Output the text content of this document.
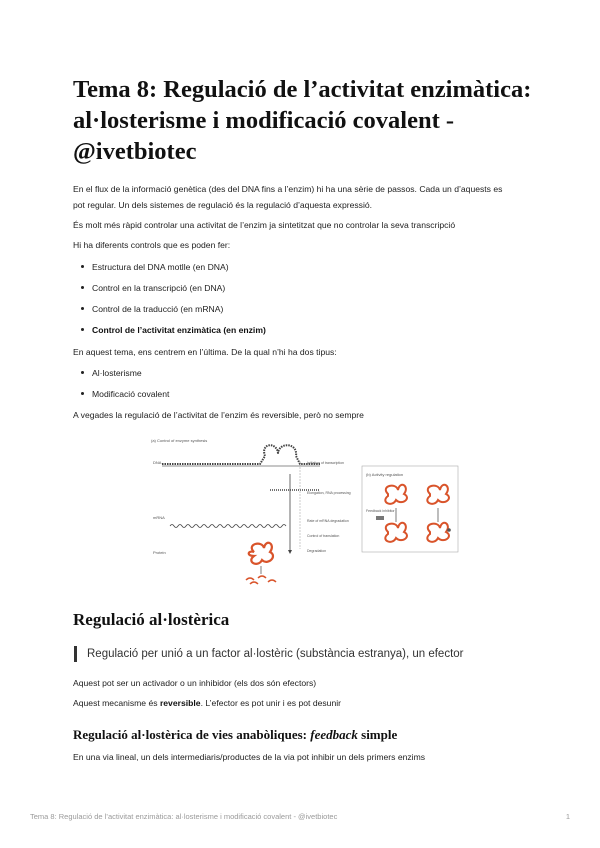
Tema 8: Regulació de l’activitat enzimàtica: al·losterisme i modificació covalent - @ivetbiotec
En el flux de la informació genètica (des del DNA fins a l’enzim) hi ha una sèrie de passos. Cada un d’aquests es
pot regular. Un dels sistemes de regulació és la regulació d’aquesta expressió.
És molt més ràpid controlar una activitat de l’enzim ja sintetitzat que no controlar la seva transcripció
Hi ha diferents controls que es poden fer:
Estructura del DNA motlle (en DNA)
Control en la transcripció (en DNA)
Control de la traducció (en mRNA)
Control de l’activitat enzimàtica (en enzim)
En aquest tema, ens centrem en l’última. De la qual n’hi ha dos tipus:
Al·losterisme
Modificació covalent
A vegades la regulació de l’activitat de l’enzim és reversible, però no sempre
(a) Control of enzyme synthesis
DNA	Initiation of transcription
Elongation, RNA processing
Rate of mRNA degradation
Control of translation
Degradation
mRNA
Protein
(b) Activity regulation
Feedback inhibitor
Regulació al·lostèrica
Regulació per unió a un factor al·lostèric (substància estranya), un efector
Aquest pot ser un activador o un inhibidor (els dos són efectors)
Aquest mecanisme és reversible. L’efector es pot unir i es pot desunir
Regulació al·lostèrica de vies anabòliques: feedback simple
En una via lineal, un dels intermediaris/productes de la via pot inhibir un dels primers enzims
Tema 8: Regulació de l’activitat enzimàtica: al·losterisme i modificació covalent - @ivetbiotec	1
